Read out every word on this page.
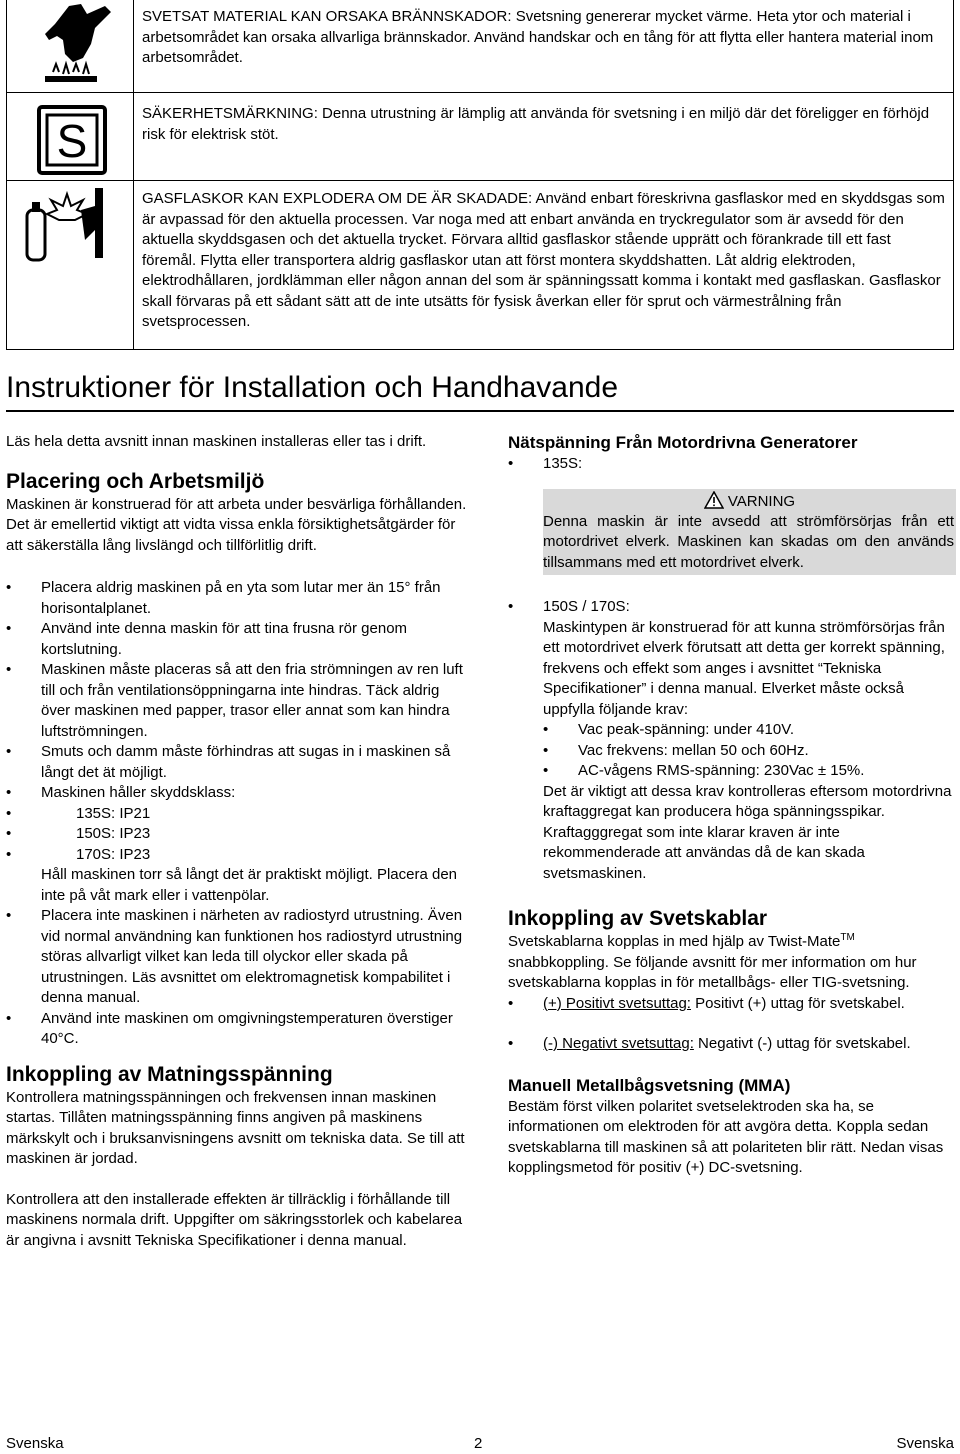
SVETSAT MATERIAL KAN ORSAKA BRÄNNSKADOR: Svetsning genererar mycket värme. Heta ytor och material i arbetsområdet kan orsaka allvarliga brännskador. Använd handskar och en tång för att flytta eller hantera material inom arbetsområdet.
S
SÄKERHETSMÄRKNING: Denna utrustning är lämplig att använda för svetsning i en miljö där det föreligger en förhöjd risk för elektrisk stöt.
GASFLASKOR KAN EXPLODERA OM DE ÄR SKADADE: Använd enbart föreskrivna gasflaskor med en skyddsgas som är avpassad för den aktuella processen. Var noga med att enbart använda en tryckregulator som är avsedd för den aktuella skyddsgasen och det aktuella trycket. Förvara alltid gasflaskor stående upprätt och förankrade till ett fast föremål. Flytta eller transportera aldrig gasflaskor utan att först montera skyddshatten. Låt aldrig elektroden, elektrodhållaren, jordklämman eller någon annan del som är spänningssatt komma i kontakt med gasflaskan. Gasflaskor skall förvaras på ett sådant sätt att de inte utsätts för fysisk åverkan eller för sprut och värmestrålning från svetsprocessen.
Instruktioner för Installation och Handhavande

Läs hela detta avsnitt innan maskinen installeras eller tas i drift.

Placering och Arbetsmiljö

Maskinen är konstruerad för att arbeta under besvärliga förhållanden. Det är emellertid viktigt att vidta vissa enkla försiktighetsåtgärder för att säkerställa lång livslängd och tillförlitlig drift.

• Placera aldrig maskinen på en yta som lutar mer än 15° från horisontalplanet.
• Använd inte denna maskin för att tina frusna rör genom kortslutning.
• Maskinen måste placeras så att den fria strömningen av ren luft till och från ventilationsöppningarna inte hindras. Täck aldrig över maskinen med papper, trasor eller annat som kan hindra luftströmningen.
• Smuts och damm måste förhindras att sugas in i maskinen så långt det ät möjligt.
• Maskinen håller skyddsklass:
• 135S: IP21
• 150S: IP23
• 170S: IP23
Håll maskinen torr så långt det är praktiskt möjligt. Placera den inte på våt mark eller i vattenpölar.
• Placera inte maskinen i närheten av radiostyrd utrustning. Även vid normal användning kan funktionen hos radiostyrd utrustning störas allvarligt vilket kan leda till olyckor eller skada på utrustningen. Läs avsnittet om elektromagnetisk kompabilitet i denna manual.
• Använd inte maskinen om omgivningstemperaturen överstiger 40°C.
Inkoppling av Matningsspänning

Kontrollera matningsspänningen och frekvensen innan maskinen startas. Tillåten matningsspänning finns angiven på maskinens märkskylt och i bruksanvisningens avsnitt om tekniska data. Se till att maskinen är jordad.

Kontrollera att den installerade effekten är tillräcklig i förhållande till maskinens normala drift. Uppgifter om säkringsstorlek och kabelarea är angivna i avsnitt Tekniska Specifikationer i denna manual.

Nätspänning Från Motordrivna Generatorer
• 135S:
VARNING
Denna maskin är inte avsedd att strömförsörjas från ett motordrivet elverk. Maskinen kan skadas om den används tillsammans med ett motordrivet elverk.
• 150S / 170S:
Maskintypen är konstruerad för att kunna strömförsörjas från ett motordrivet elverk förutsatt att detta ger korrekt spänning, frekvens och effekt som anges i avsnittet “Tekniska Specifikationer” i denna manual. Elverket måste också uppfylla följande krav:
• Vac peak-spänning: under 410V.
• Vac frekvens: mellan 50 och 60Hz.
• AC-vågens RMS-spänning: 230Vac ± 15%.
Det är viktigt att dessa krav kontrolleras eftersom motordrivna kraftaggregat kan producera höga spänningsspikar. Kraftagggregat som inte klarar kraven är inte rekommenderade att användas då de kan skada svetsmaskinen.
Inkoppling av Svetskablar

Svetskablarna kopplas in med hjälp av Twist-Mate™ snabbkoppling. Se följande avsnitt för mer information om hur svetskablarna kopplas in för metallbågs- eller TIG-svetsning.

• (+) Positivt svetsuttag: Positivt (+) uttag för svetskabel.
• (-) Negativt svetsuttag: Negativt (-) uttag för svetskabel.
Manuell Metallbågsvetsning (MMA)

Bestäm först vilken polaritet svetselektroden ska ha, se informationen om elektroden för att avgöra detta. Koppla sedan svetskablarna till maskinen så att polariteten blir rätt. Nedan visas kopplingsmetod för positiv (+) DC-svetsning.

Svenska	2	Svenska
